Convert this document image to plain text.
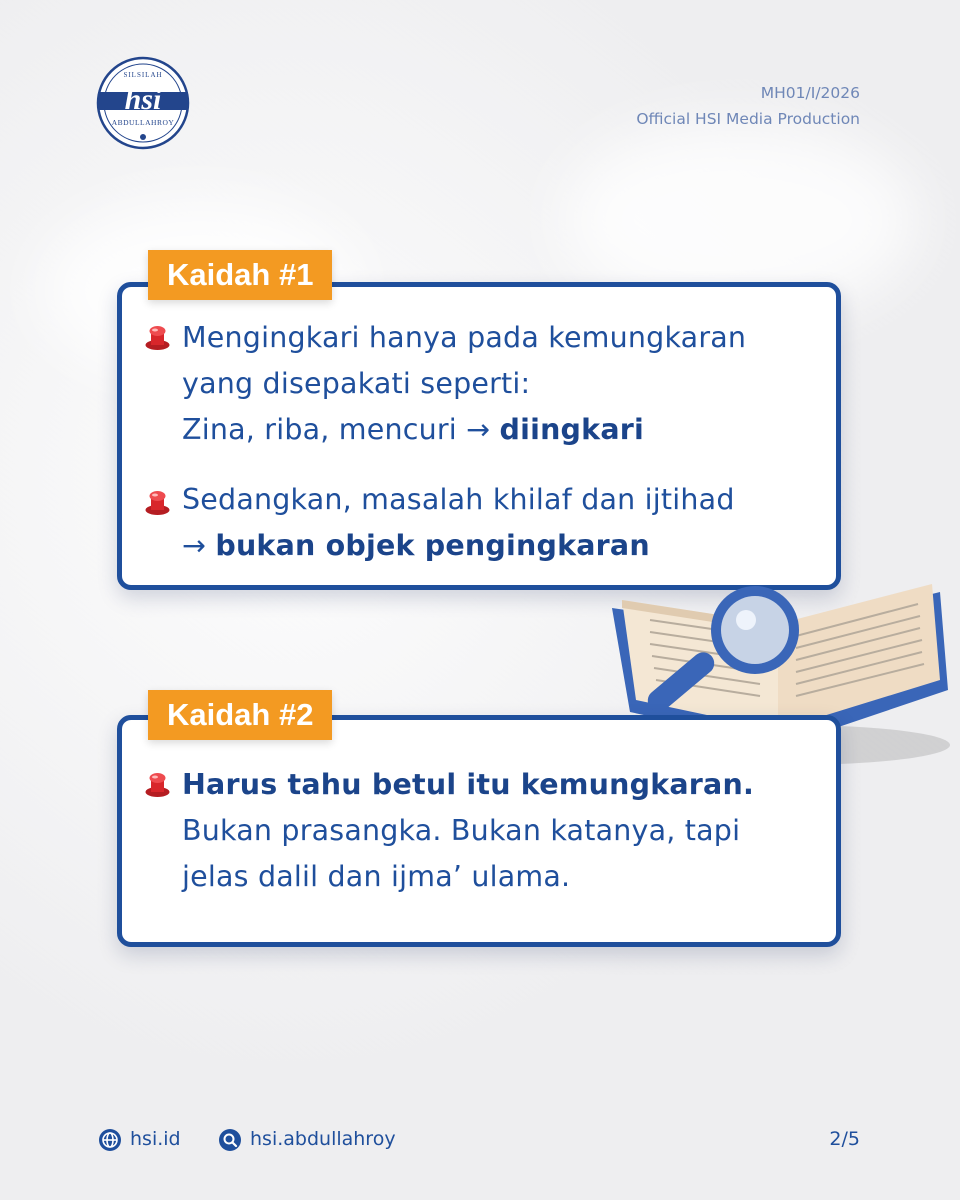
hsi
SILSILAH
ABDULLAHROY
MH01/I/2026
Official HSI Media Production
Kaidah #1
Mengingkari hanya pada kemungkaran
yang disepakati seperti:
Zina, riba, mencuri → diingkari
Sedangkan, masalah khilaf dan ijtihad
→ bukan objek pengingkaran
Kaidah #2
Harus tahu betul itu kemungkaran.
Bukan prasangka. Bukan katanya, tapi
jelas dalil dan ijma’ ulama.
hsi.id	hsi.abdullahroy	2/5
